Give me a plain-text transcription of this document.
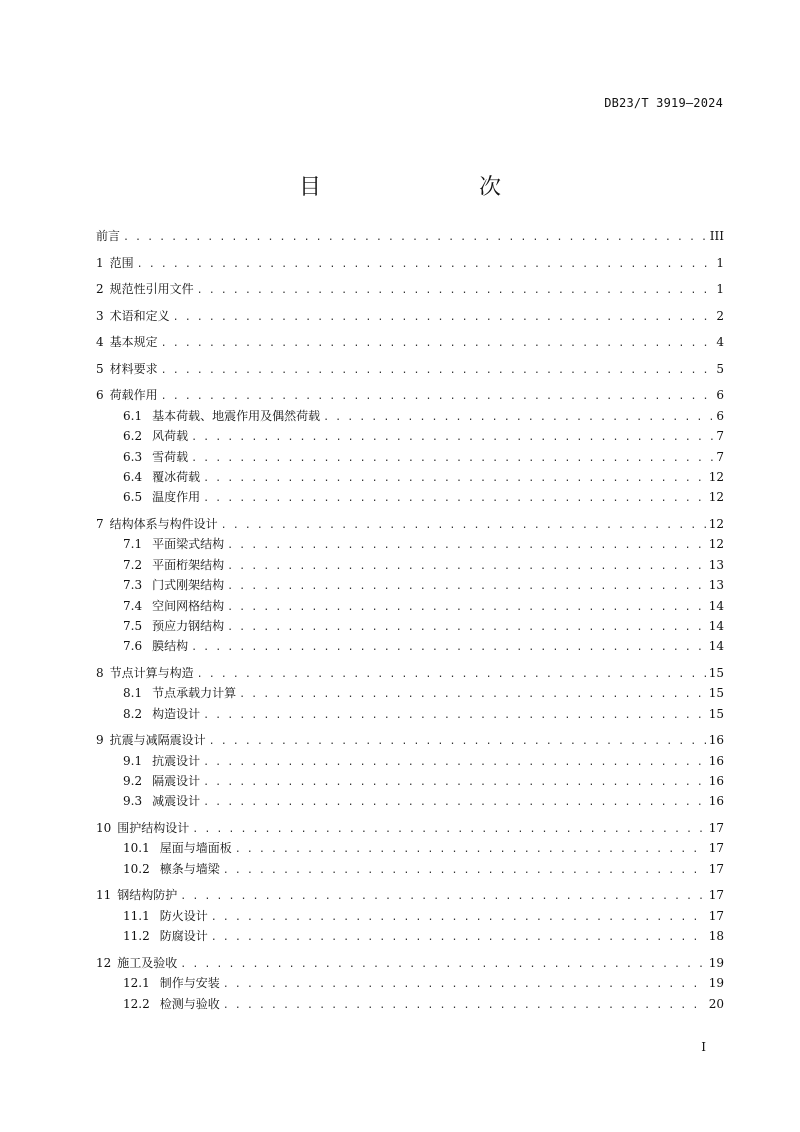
DB23/T 3919—2024
目　　次
前言 . . .	III
1 范围 . . .	1
2 规范性引用文件 . . .	1
3 术语和定义 . . .	2
4 基本规定 . . .	4
5 材料要求 . . .	5
6 荷载作用 . . .	6
6.1 基本荷载、地震作用及偶然荷载 . . .	6
6.2 风荷载 . . .	7
6.3 雪荷载 . . .	7
6.4 覆冰荷载 . . .	12
6.5 温度作用 . . .	12
7 结构体系与构件设计 . . .	12
7.1 平面梁式结构 . . .	12
7.2 平面桁架结构 . . .	13
7.3 门式刚架结构 . . .	13
7.4 空间网格结构 . . .	14
7.5 预应力钢结构 . . .	14
7.6 膜结构 . . .	14
8 节点计算与构造 . . .	15
8.1 节点承载力计算 . . .	15
8.2 构造设计 . . .	15
9 抗震与减隔震设计 . . .	16
9.1 抗震设计 . . .	16
9.2 隔震设计 . . .	16
9.3 减震设计 . . .	16
10 围护结构设计 . . .	17
10.1 屋面与墙面板 . . .	17
10.2 檩条与墙梁 . . .	17
11 钢结构防护 . . .	17
11.1 防火设计 . . .	17
11.2 防腐设计 . . .	18
12 施工及验收 . . .	19
12.1 制作与安装 . . .	19
12.2 检测与验收 . . .	20
I
